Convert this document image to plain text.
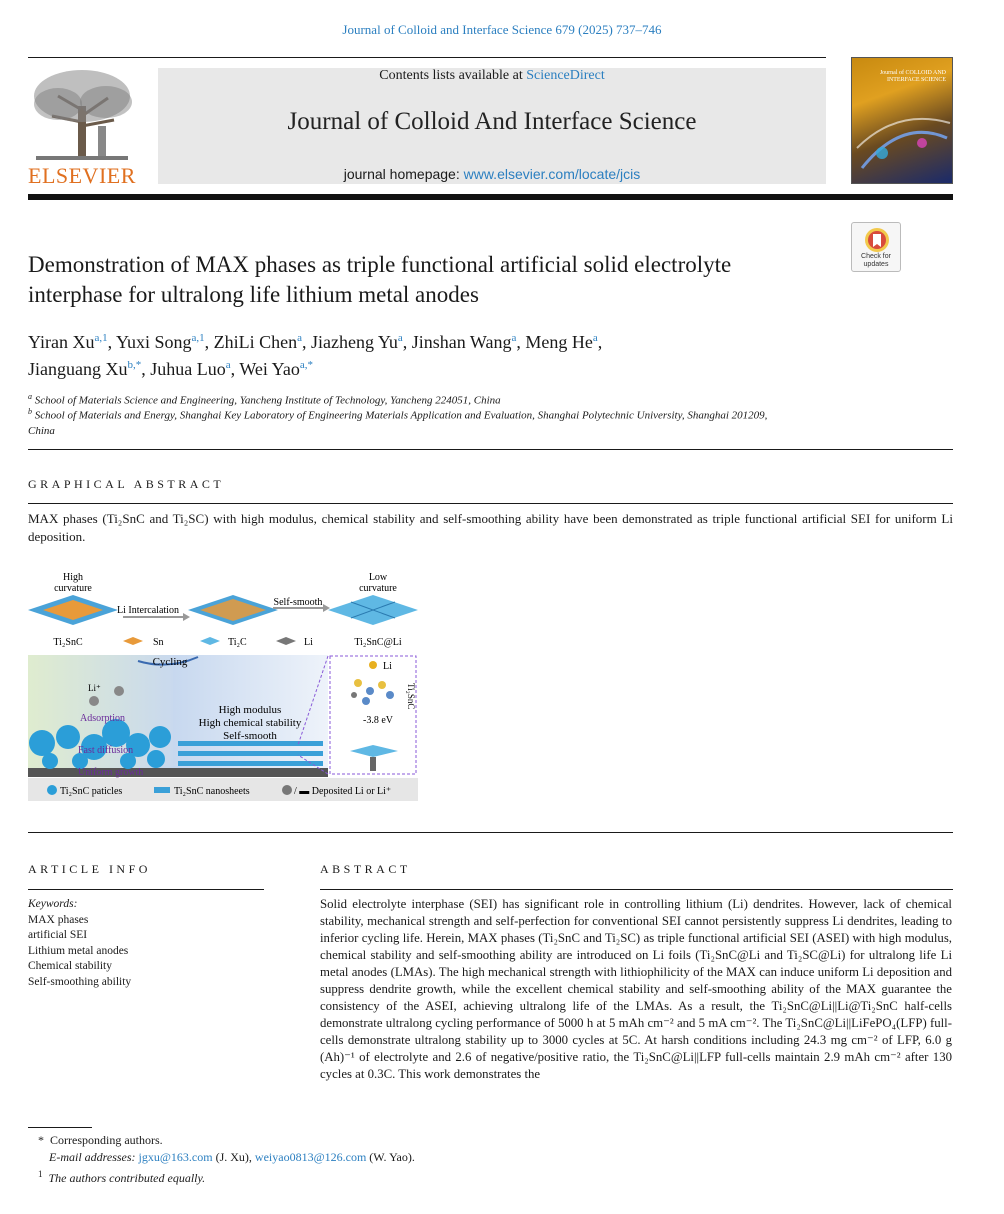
Journal of Colloid and Interface Science 679 (2025) 737–746
ELSEVIER
Contents lists available at ScienceDirect
Journal of Colloid And Interface Science
journal homepage: www.elsevier.com/locate/jcis
Journal of COLLOID AND INTERFACE SCIENCE
Check for updates
Demonstration of MAX phases as triple functional artificial solid electrolyte
interphase for ultralong life lithium metal anodes
Yiran Xu$^{a,1}$, Yuxi Song$^{a,1}$, ZhiLi Chen$^a$, Jiazheng Yu$^a$, Jinshan Wang$^a$, Meng He$^a$,
Jianguang $Xu^{b,*}$, Juhua Luo$^a$, Wei Yao$^{a,*}$
$^a$ School of Materials Science and Engineering, Yancheng Institute of Technology, Yancheng 224051, China
$^b$ School of Materials and Energy, Shanghai Key Laboratory of Engineering Materials Application and Evaluation, Shanghai Polytechnic University, Shanghai 201209,
China
GRAPHICAL ABSTRACT
MAX phases (Ti₂SnC and Ti₂SC) with high modulus, chemical stability and self-smoothing ability have been demonstrated as triple functional artificial SEI for uniform Li deposition.
High
curvature
Low
curvature
Li Intercalation
Self-smooth
Ti₂SnC	Sn	Ti₂C	Li	Ti₂SnC@Li
Cycling
Li⁺
Adsorption
Fast diffusion
Uniform growth
High modulus
High chemical stability
Self-smooth
Li
-3.8 eV
Ti₂SnC
Ti₂SnC paticles	Ti₂SnC nanosheets	/ ▬ Deposited Li or Li⁺
ARTICLE INFO
Keywords:
MAX phases
artificial SEI
Lithium metal anodes
Chemical stability
Self-smoothing ability
ABSTRACT
Solid electrolyte interphase (SEI) has significant role in controlling lithium (Li) dendrites. However, lack of chemical stability, mechanical strength and self-perfection for conventional SEI cannot persistently suppress Li dendrites, leading to inferior cycling life. Herein, MAX phases (Ti₂SnC and Ti₂SC) as triple functional artificial SEI (ASEI) with high modulus, chemical stability and self-smoothing ability are introduced on Li foils (Ti₂SnC@Li and Ti₂SC@Li) for ultralong life Li metal anodes (LMAs). The high mechanical strength with lithiophilicity of the MAX can induce uniform Li deposition and suppress dendrite growth, while the excellent chemical stability and self-smoothing ability of the MAX guarantee the consistency of the ASEI, achieving ultralong life of the LMAs. As a result, the Ti₂SnC@Li||Li@Ti₂SnC half-cells demonstrate ultralong cycling performance of 5000 h at 5 mAh cm⁻² and 5 mA cm⁻². The Ti₂SnC@Li||LiFePO₄(LFP) full-cells demonstrate ultralong stability up to 3000 cycles at 5C. At harsh conditions including 24.3 mg cm⁻² of LFP, 6.0 g (Ah)⁻¹ of electrolyte and 2.6 of negative/positive ratio, the Ti₂SnC@Li||LFP full-cells maintain 2.9 mAh cm⁻² after 130 cycles at 0.3C. This work demonstrates the
* Corresponding authors.
E-mail addresses: jgxu@163.com (J. Xu), weiyao0813@126.com (W. Yao).
$^1$ The authors contributed equally.
